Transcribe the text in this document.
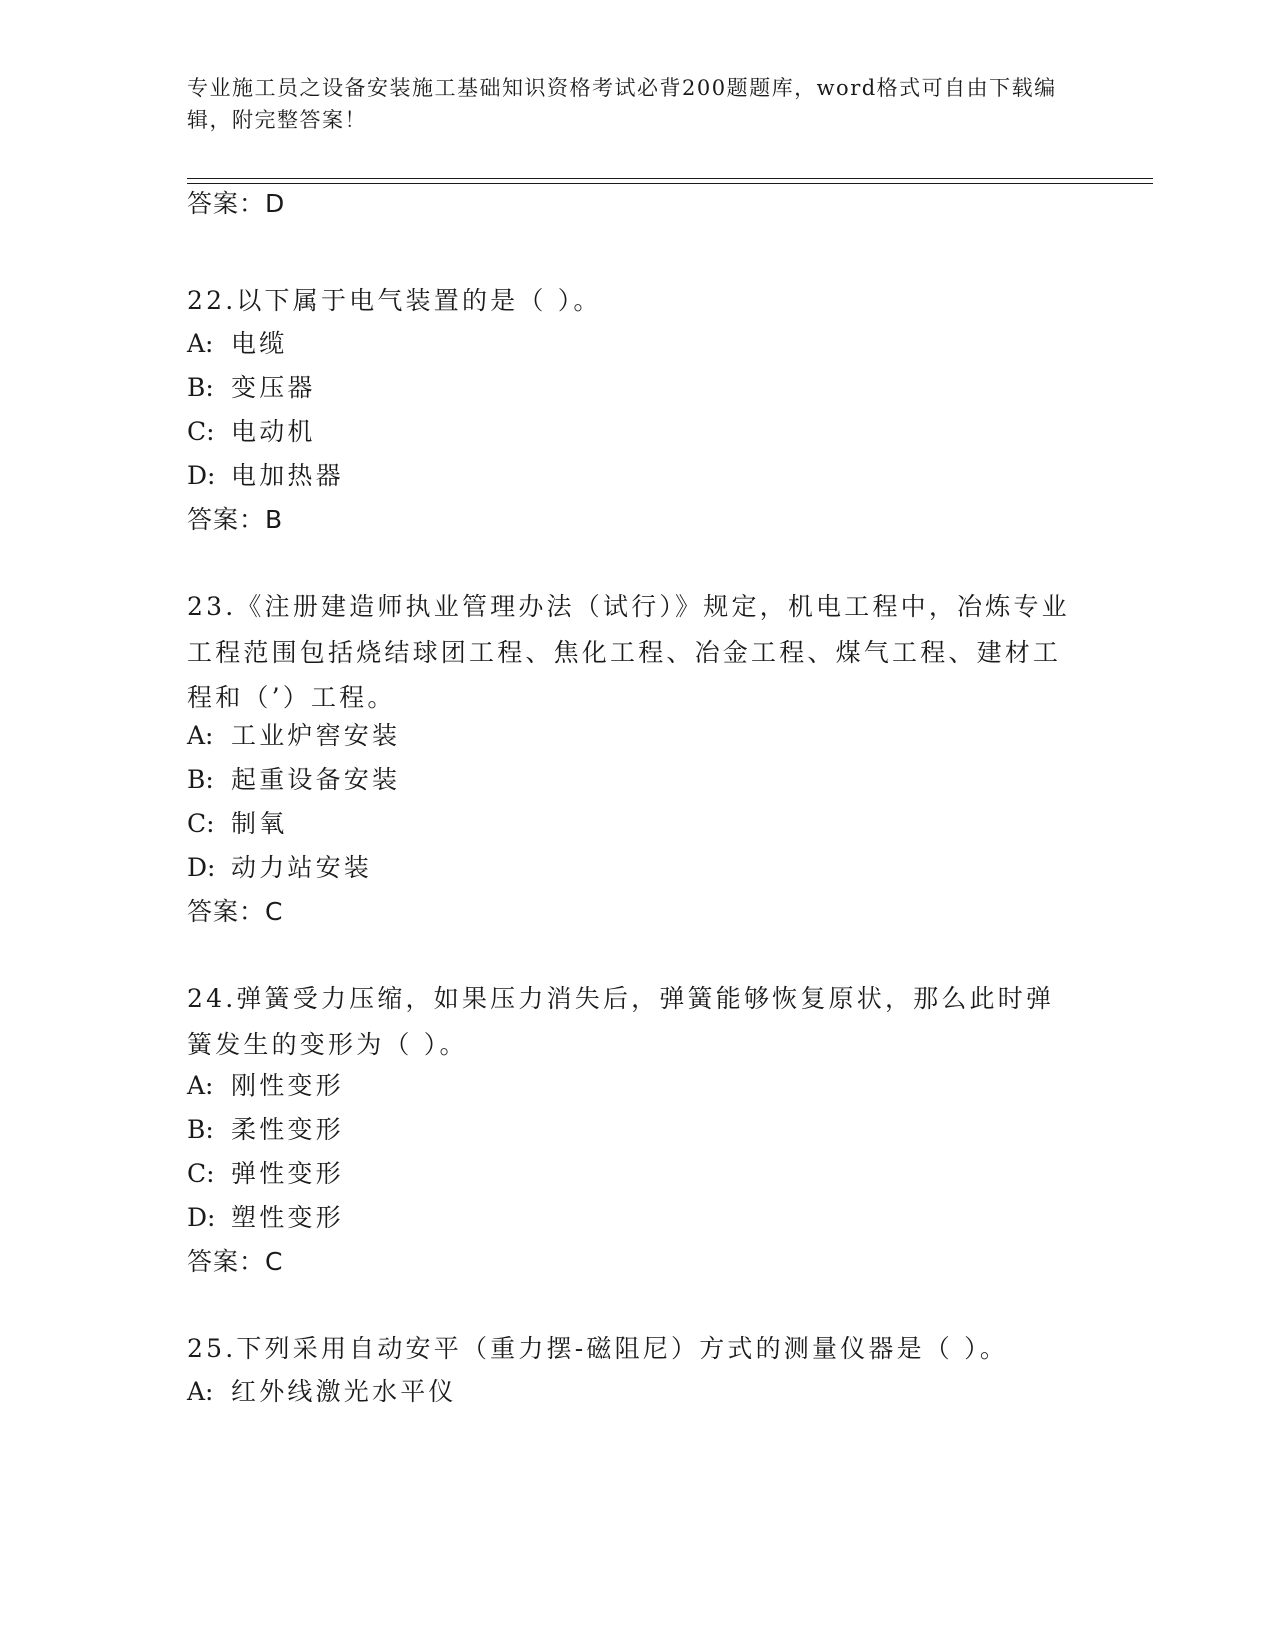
专业施工员之设备安装施工基础知识资格考试必背200题题库，word格式可自由下载编辑，附完整答案！
答案：D
22.以下属于电气装置的是（ ）。
A: 电缆
B: 变压器
C: 电动机
D: 电加热器
答案：B
23.《注册建造师执业管理办法（试行）》规定，机电工程中，冶炼专业工程范围包括烧结球团工程、焦化工程、冶金工程、煤气工程、建材工程和（’）工程。
A: 工业炉窖安装
B: 起重设备安装
C: 制氧
D: 动力站安装
答案：C
24.弹簧受力压缩，如果压力消失后，弹簧能够恢复原状，那么此时弹簧发生的变形为（ ）。
A: 刚性变形
B: 柔性变形
C: 弹性变形
D: 塑性变形
答案：C
25.下列采用自动安平（重力摆-磁阻尼）方式的测量仪器是（ ）。
A: 红外线激光水平仪
